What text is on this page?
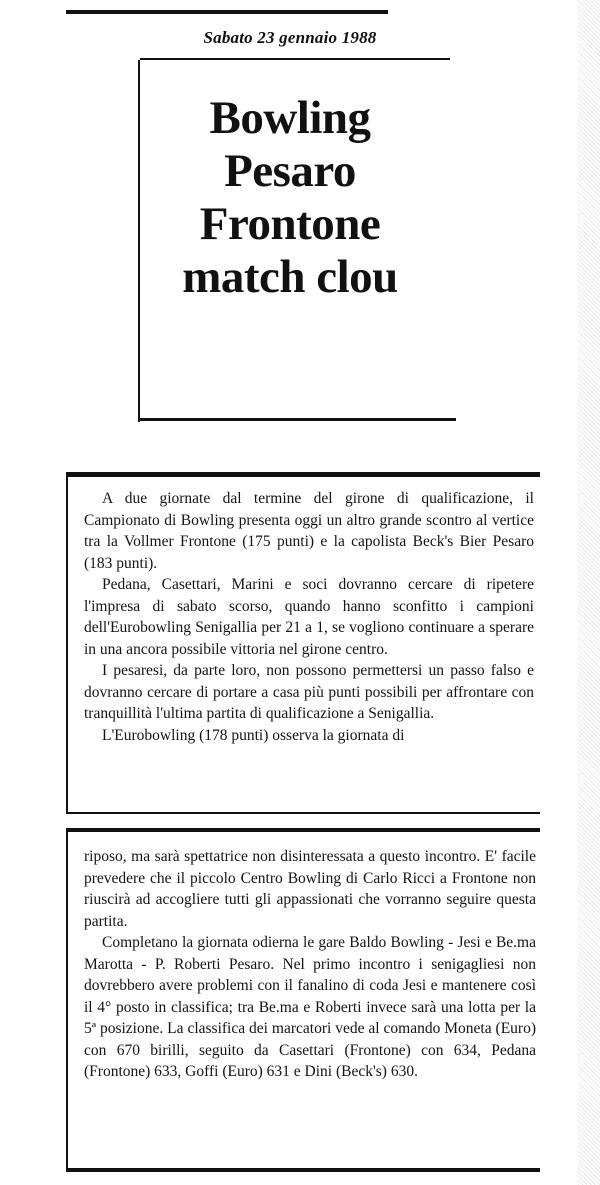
Sabato 23 gennaio 1988
Bowling
Pesaro
Frontone
match clou

A due giornate dal termine del girone di qualificazione, il Campionato di Bowling presenta oggi un altro grande scontro al vertice tra la Vollmer Frontone (175 punti) e la capolista Beck's Bier Pesaro (183 punti).

Pedana, Casettari, Marini e soci dovranno cercare di ripetere l'impresa di sabato scorso, quando hanno sconfitto i campioni dell'Eurobowling Senigallia per 21 a 1, se vogliono continuare a sperare in una ancora possibile vittoria nel girone centro.

I pesaresi, da parte loro, non possono permettersi un passo falso e dovranno cercare di portare a casa più punti possibili per affrontare con tranquillità l'ultima partita di qualificazione a Senigallia.

L'Eurobowling (178 punti) osserva la giornata di

riposo, ma sarà spettatrice non disinteressata a questo incontro. E' facile prevedere che il piccolo Centro Bowling di Carlo Ricci a Frontone non riuscirà ad accogliere tutti gli appassionati che vorranno seguire questa partita.

Completano la giornata odierna le gare Baldo Bowling - Jesi e Be.ma Marotta - P. Roberti Pesaro. Nel primo incontro i senigagliesi non dovrebbero avere problemi con il fanalino di coda Jesi e mantenere così il 4° posto in classifica; tra Be.ma e Roberti invece sarà una lotta per la 5ª posizione. La classifica dei marcatori vede al comando Moneta (Euro) con 670 birilli, seguito da Casettari (Frontone) con 634, Pedana (Frontone) 633, Goffi (Euro) 631 e Dini (Beck's) 630.
